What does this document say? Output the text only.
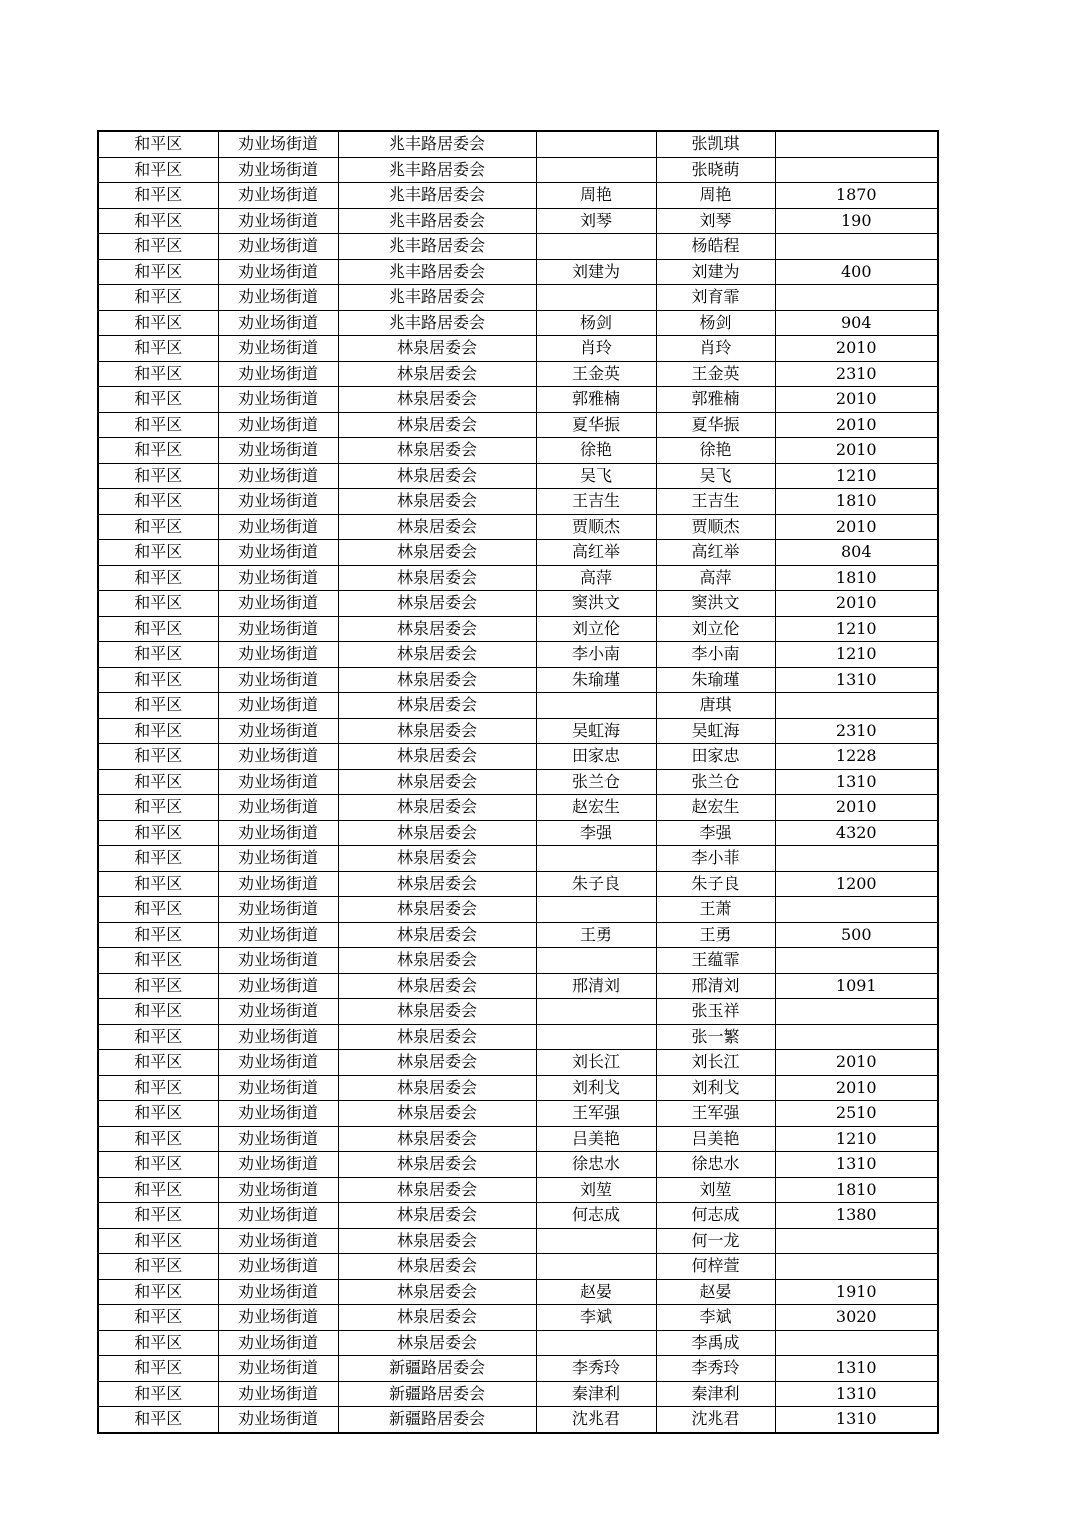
和平区	劝业场街道	兆丰路居委会		张凯琪	
和平区	劝业场街道	兆丰路居委会		张晓萌	
和平区	劝业场街道	兆丰路居委会	周艳	周艳	1870
和平区	劝业场街道	兆丰路居委会	刘琴	刘琴	190
和平区	劝业场街道	兆丰路居委会		杨皓程	
和平区	劝业场街道	兆丰路居委会	刘建为	刘建为	400
和平区	劝业场街道	兆丰路居委会		刘育霏	
和平区	劝业场街道	兆丰路居委会	杨剑	杨剑	904
和平区	劝业场街道	林泉居委会	肖玲	肖玲	2010
和平区	劝业场街道	林泉居委会	王金英	王金英	2310
和平区	劝业场街道	林泉居委会	郭雅楠	郭雅楠	2010
和平区	劝业场街道	林泉居委会	夏华振	夏华振	2010
和平区	劝业场街道	林泉居委会	徐艳	徐艳	2010
和平区	劝业场街道	林泉居委会	吴飞	吴飞	1210
和平区	劝业场街道	林泉居委会	王吉生	王吉生	1810
和平区	劝业场街道	林泉居委会	贾顺杰	贾顺杰	2010
和平区	劝业场街道	林泉居委会	高红举	高红举	804
和平区	劝业场街道	林泉居委会	高萍	高萍	1810
和平区	劝业场街道	林泉居委会	窦洪文	窦洪文	2010
和平区	劝业场街道	林泉居委会	刘立伦	刘立伦	1210
和平区	劝业场街道	林泉居委会	李小南	李小南	1210
和平区	劝业场街道	林泉居委会	朱瑜瑾	朱瑜瑾	1310
和平区	劝业场街道	林泉居委会		唐琪	
和平区	劝业场街道	林泉居委会	吴虹海	吴虹海	2310
和平区	劝业场街道	林泉居委会	田家忠	田家忠	1228
和平区	劝业场街道	林泉居委会	张兰仓	张兰仓	1310
和平区	劝业场街道	林泉居委会	赵宏生	赵宏生	2010
和平区	劝业场街道	林泉居委会	李强	李强	4320
和平区	劝业场街道	林泉居委会		李小菲	
和平区	劝业场街道	林泉居委会	朱子良	朱子良	1200
和平区	劝业场街道	林泉居委会		王萧	
和平区	劝业场街道	林泉居委会	王勇	王勇	500
和平区	劝业场街道	林泉居委会		王蕴霏	
和平区	劝业场街道	林泉居委会	邢清刘	邢清刘	1091
和平区	劝业场街道	林泉居委会		张玉祥	
和平区	劝业场街道	林泉居委会		张一繁	
和平区	劝业场街道	林泉居委会	刘长江	刘长江	2010
和平区	劝业场街道	林泉居委会	刘利戈	刘利戈	2010
和平区	劝业场街道	林泉居委会	王军强	王军强	2510
和平区	劝业场街道	林泉居委会	吕美艳	吕美艳	1210
和平区	劝业场街道	林泉居委会	徐忠水	徐忠水	1310
和平区	劝业场街道	林泉居委会	刘堃	刘堃	1810
和平区	劝业场街道	林泉居委会	何志成	何志成	1380
和平区	劝业场街道	林泉居委会		何一龙	
和平区	劝业场街道	林泉居委会		何梓萱	
和平区	劝业场街道	林泉居委会	赵晏	赵晏	1910
和平区	劝业场街道	林泉居委会	李斌	李斌	3020
和平区	劝业场街道	林泉居委会		李禹成	
和平区	劝业场街道	新疆路居委会	李秀玲	李秀玲	1310
和平区	劝业场街道	新疆路居委会	秦津利	秦津利	1310
和平区	劝业场街道	新疆路居委会	沈兆君	沈兆君	1310
